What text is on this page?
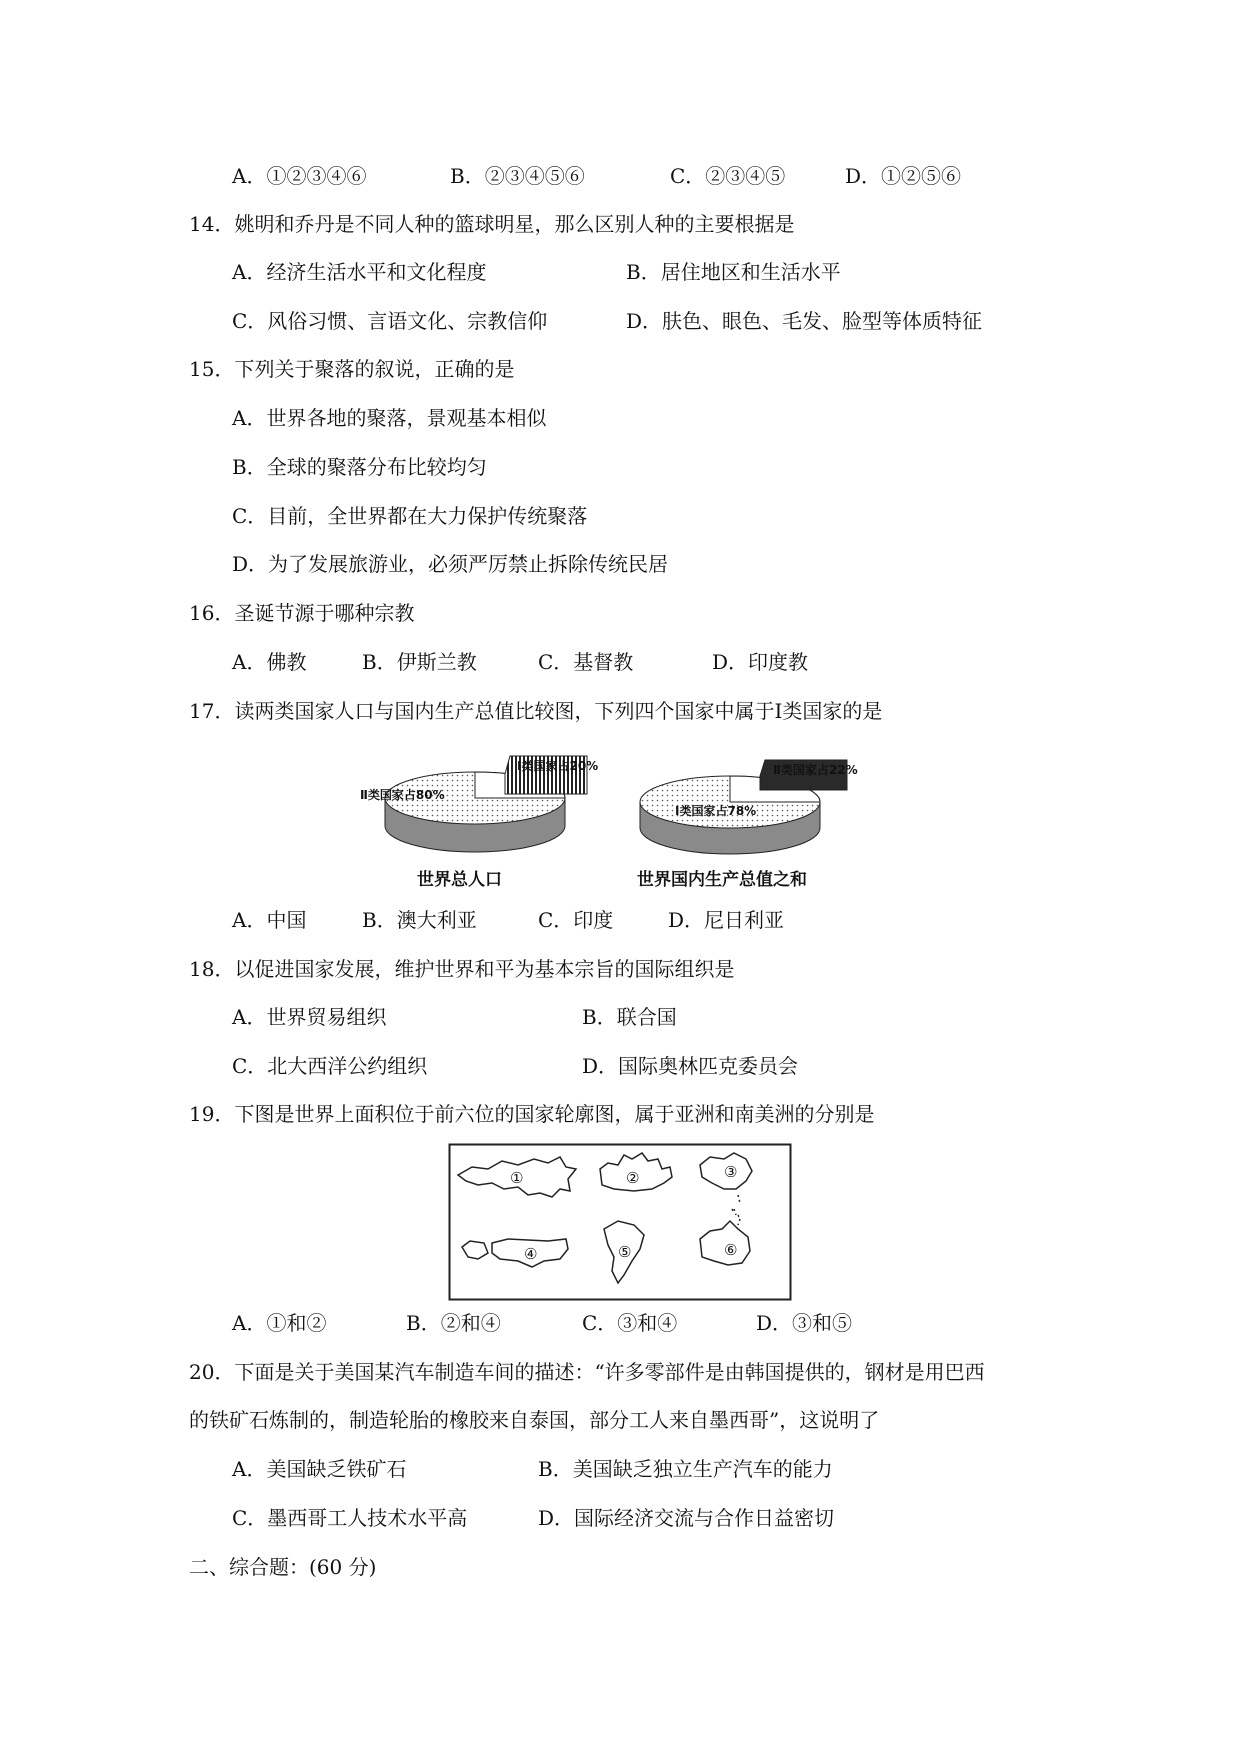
A．①②③④⑥	B．②③④⑤⑥	C．②③④⑤	D．①②⑤⑥
14．姚明和乔丹是不同人种的篮球明星，那么区别人种的主要根据是
A．经济生活水平和文化程度	B．居住地区和生活水平
C．风俗习惯、言语文化、宗教信仰	D．肤色、眼色、毛发、脸型等体质特征
15．下列关于聚落的叙说，正确的是
A．世界各地的聚落，景观基本相似
B．全球的聚落分布比较均匀
C．目前，全世界都在大力保护传统聚落
D．为了发展旅游业，必须严厉禁止拆除传统民居
16．圣诞节源于哪种宗教
A．佛教	B．伊斯兰教	C．基督教	D．印度教
17．读两类国家人口与国内生产总值比较图，下列四个国家中属于Ⅰ类国家的是
Ⅱ类国家占80%
Ⅰ类国家占20%
世界总人口
Ⅰ类国家占78%
Ⅱ类国家占22%
世界国内生产总值之和
A．中国	B．澳大利亚	C．印度	D．尼日利亚
18．以促进国家发展，维护世界和平为基本宗旨的国际组织是
A．世界贸易组织	B．联合国
C．北大西洋公约组织	D．国际奥林匹克委员会
19．下图是世界上面积位于前六位的国家轮廓图，属于亚洲和南美洲的分别是
①	②	③
④	⑤	⑥
A．①和②	B．②和④	C．③和④	D．③和⑤
20．下面是关于美国某汽车制造车间的描述：“许多零部件是由韩国提供的，钢材是用巴西
的铁矿石炼制的，制造轮胎的橡胶来自泰国，部分工人来自墨西哥”，这说明了
A．美国缺乏铁矿石	B．美国缺乏独立生产汽车的能力
C．墨西哥工人技术水平高	D．国际经济交流与合作日益密切
二、综合题：(60 分)
